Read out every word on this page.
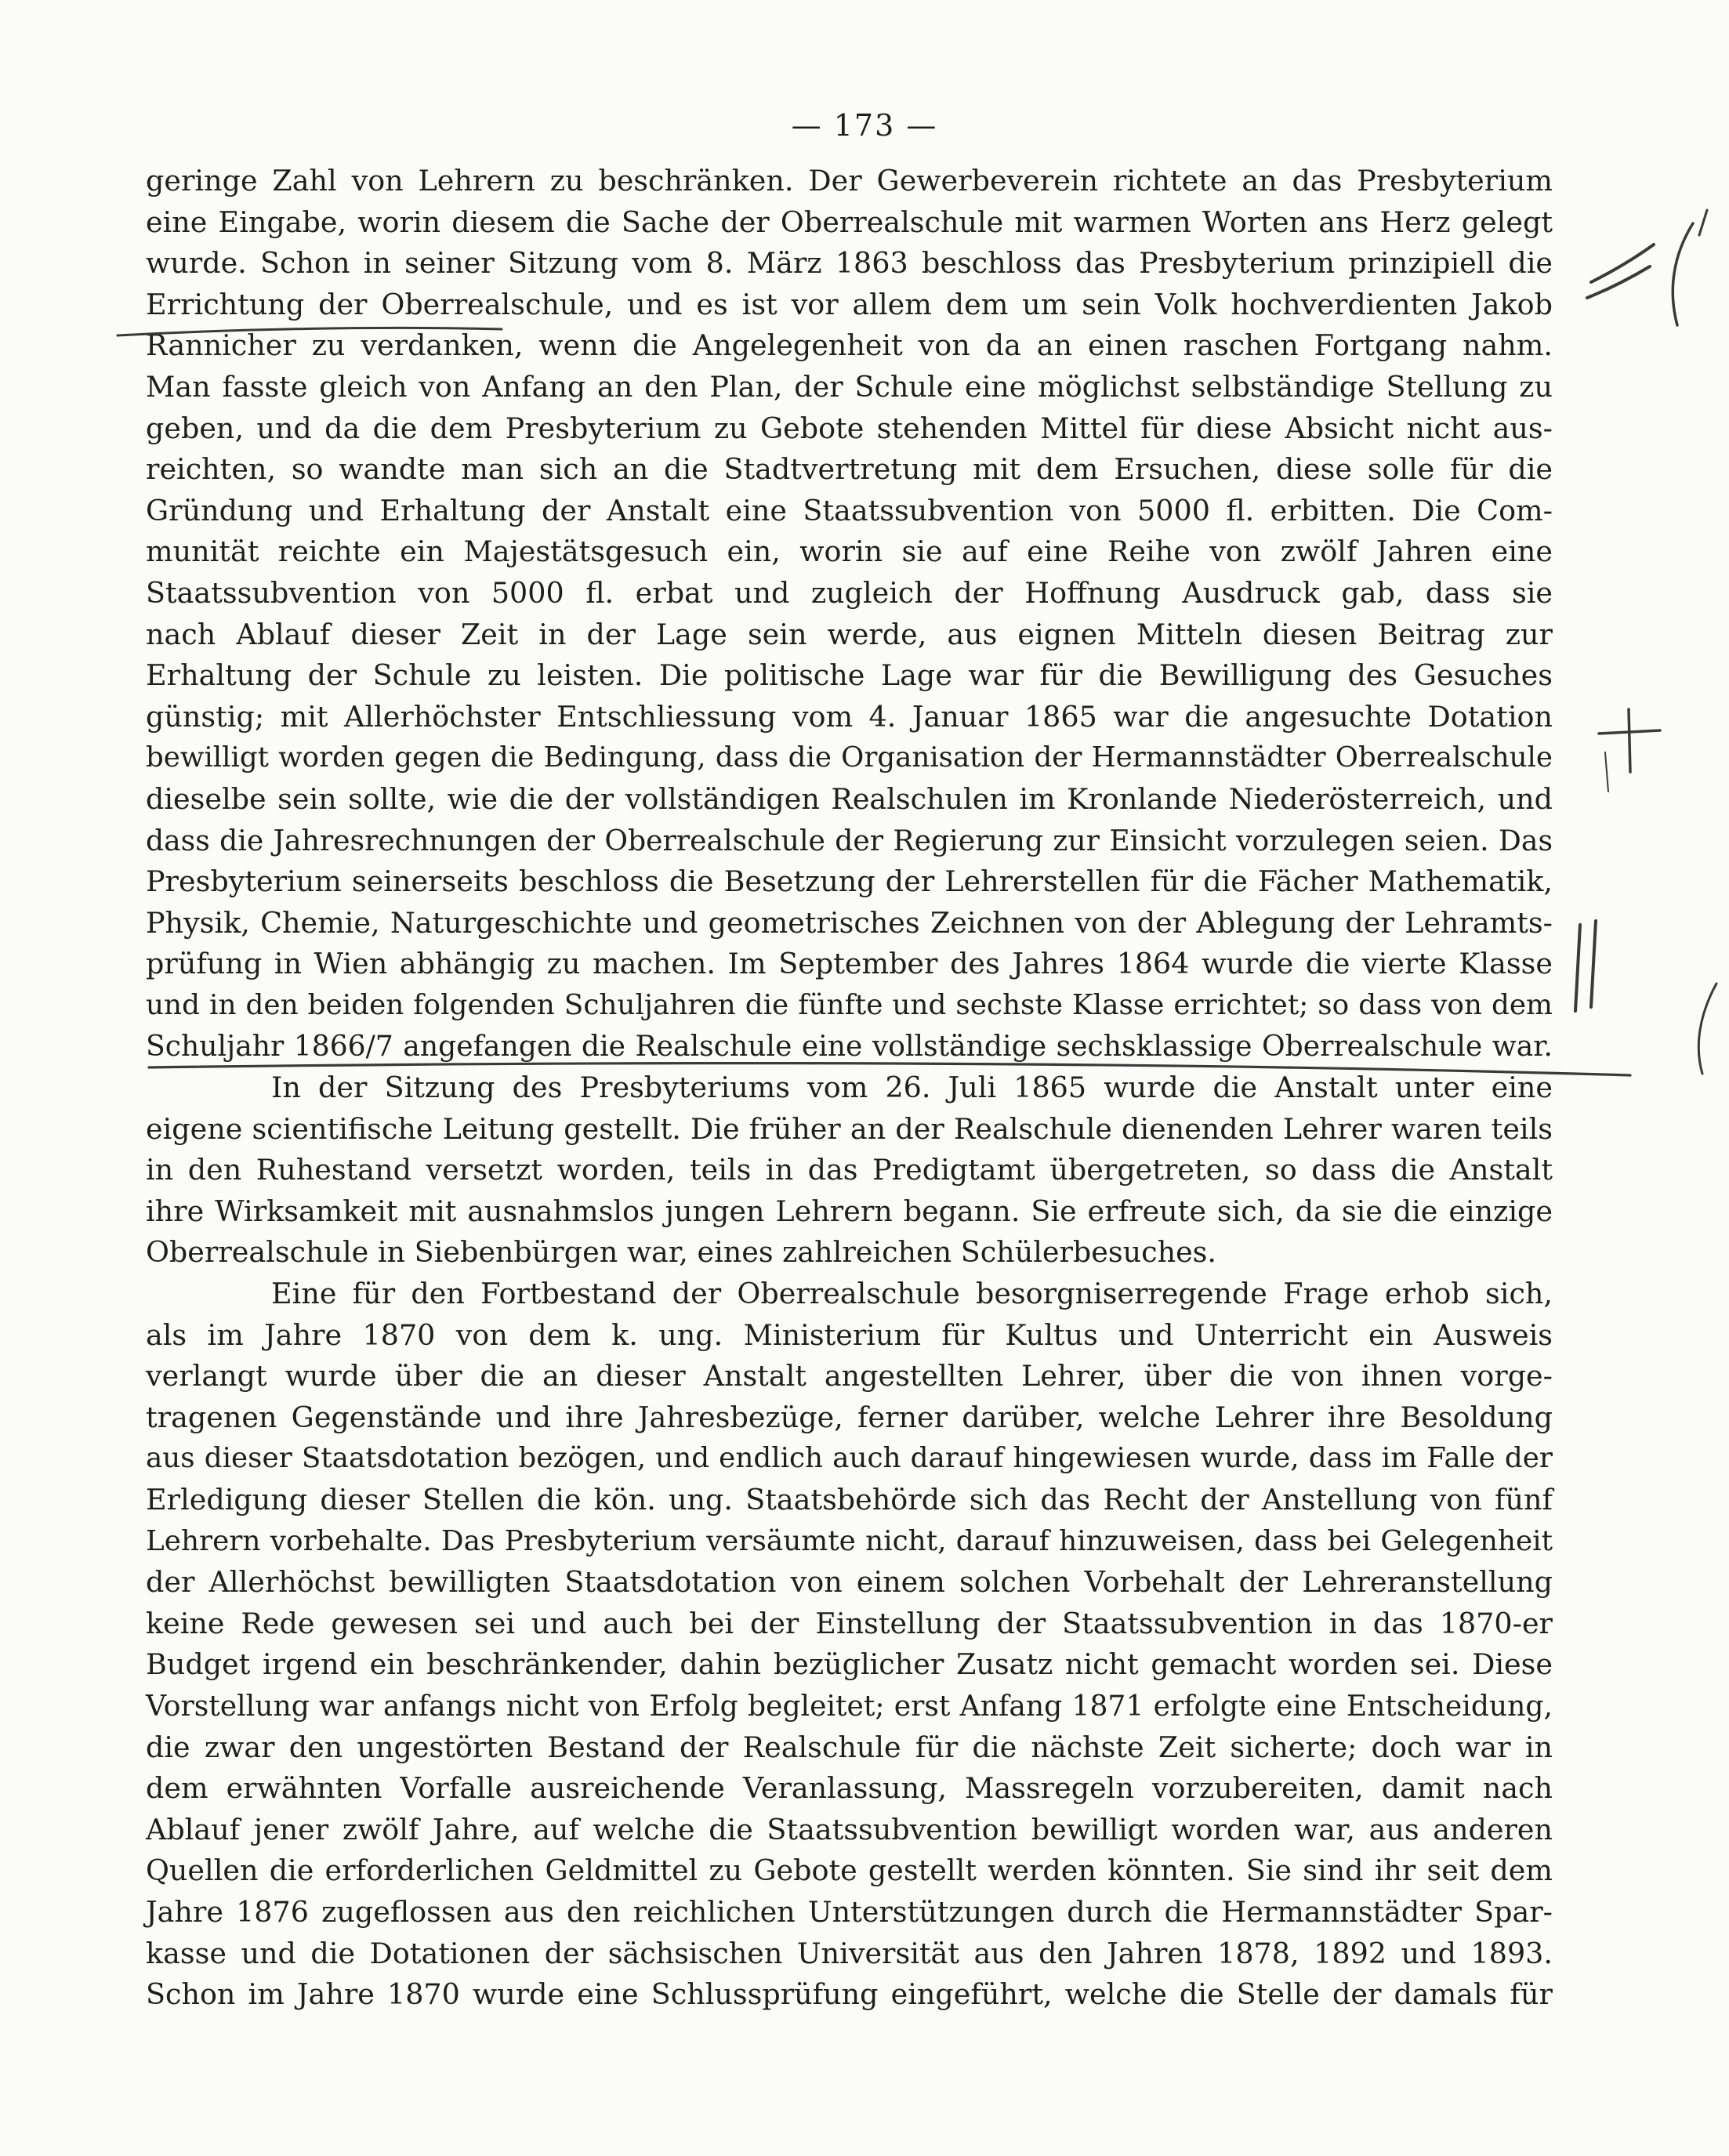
— 173 —
geringe Zahl von Lehrern zu beschränken. Der Gewerbeverein richtete an das Presbyterium
eine Eingabe, worin diesem die Sache der Oberrealschule mit warmen Worten ans Herz gelegt
wurde. Schon in seiner Sitzung vom 8. März 1863 beschloss das Presbyterium prinzipiell die
Errichtung der Oberrealschule, und es ist vor allem dem um sein Volk hochverdienten Jakob
Rannicher zu verdanken, wenn die Angelegenheit von da an einen raschen Fortgang nahm.
Man fasste gleich von Anfang an den Plan, der Schule eine möglichst selbständige Stellung zu
geben, und da die dem Presbyterium zu Gebote stehenden Mittel für diese Absicht nicht aus-
reichten, so wandte man sich an die Stadtvertretung mit dem Ersuchen, diese solle für die
Gründung und Erhaltung der Anstalt eine Staatssubvention von 5000 fl. erbitten. Die Com-
munität reichte ein Majestätsgesuch ein, worin sie auf eine Reihe von zwölf Jahren eine
Staatssubvention von 5000 fl. erbat und zugleich der Hoffnung Ausdruck gab, dass sie
nach Ablauf dieser Zeit in der Lage sein werde, aus eignen Mitteln diesen Beitrag zur
Erhaltung der Schule zu leisten. Die politische Lage war für die Bewilligung des Gesuches
günstig; mit Allerhöchster Entschliessung vom 4. Januar 1865 war die angesuchte Dotation
bewilligt worden gegen die Bedingung, dass die Organisation der Hermannstädter Oberrealschule
dieselbe sein sollte, wie die der vollständigen Realschulen im Kronlande Niederösterreich, und
dass die Jahresrechnungen der Oberrealschule der Regierung zur Einsicht vorzulegen seien. Das
Presbyterium seinerseits beschloss die Besetzung der Lehrerstellen für die Fächer Mathematik,
Physik, Chemie, Naturgeschichte und geometrisches Zeichnen von der Ablegung der Lehramts-
prüfung in Wien abhängig zu machen. Im September des Jahres 1864 wurde die vierte Klasse
und in den beiden folgenden Schuljahren die fünfte und sechste Klasse errichtet; so dass von dem
Schuljahr 1866/7 angefangen die Realschule eine vollständige sechsklassige Oberrealschule war.
In der Sitzung des Presbyteriums vom 26. Juli 1865 wurde die Anstalt unter eine
eigene scientifische Leitung gestellt. Die früher an der Realschule dienenden Lehrer waren teils
in den Ruhestand versetzt worden, teils in das Predigtamt übergetreten, so dass die Anstalt
ihre Wirksamkeit mit ausnahmslos jungen Lehrern begann. Sie erfreute sich, da sie die einzige
Oberrealschule in Siebenbürgen war, eines zahlreichen Schülerbesuches.
Eine für den Fortbestand der Oberrealschule besorgniserregende Frage erhob sich,
als im Jahre 1870 von dem k. ung. Ministerium für Kultus und Unterricht ein Ausweis
verlangt wurde über die an dieser Anstalt angestellten Lehrer, über die von ihnen vorge-
tragenen Gegenstände und ihre Jahresbezüge, ferner darüber, welche Lehrer ihre Besoldung
aus dieser Staatsdotation bezögen, und endlich auch darauf hingewiesen wurde, dass im Falle der
Erledigung dieser Stellen die kön. ung. Staatsbehörde sich das Recht der Anstellung von fünf
Lehrern vorbehalte. Das Presbyterium versäumte nicht, darauf hinzuweisen, dass bei Gelegenheit
der Allerhöchst bewilligten Staatsdotation von einem solchen Vorbehalt der Lehreranstellung
keine Rede gewesen sei und auch bei der Einstellung der Staatssubvention in das 1870-er
Budget irgend ein beschränkender, dahin bezüglicher Zusatz nicht gemacht worden sei. Diese
Vorstellung war anfangs nicht von Erfolg begleitet; erst Anfang 1871 erfolgte eine Entscheidung,
die zwar den ungestörten Bestand der Realschule für die nächste Zeit sicherte; doch war in
dem erwähnten Vorfalle ausreichende Veranlassung, Massregeln vorzubereiten, damit nach
Ablauf jener zwölf Jahre, auf welche die Staatssubvention bewilligt worden war, aus anderen
Quellen die erforderlichen Geldmittel zu Gebote gestellt werden könnten. Sie sind ihr seit dem
Jahre 1876 zugeflossen aus den reichlichen Unterstützungen durch die Hermannstädter Spar-
kasse und die Dotationen der sächsischen Universität aus den Jahren 1878, 1892 und 1893.
Schon im Jahre 1870 wurde eine Schlussprüfung eingeführt, welche die Stelle der damals für
